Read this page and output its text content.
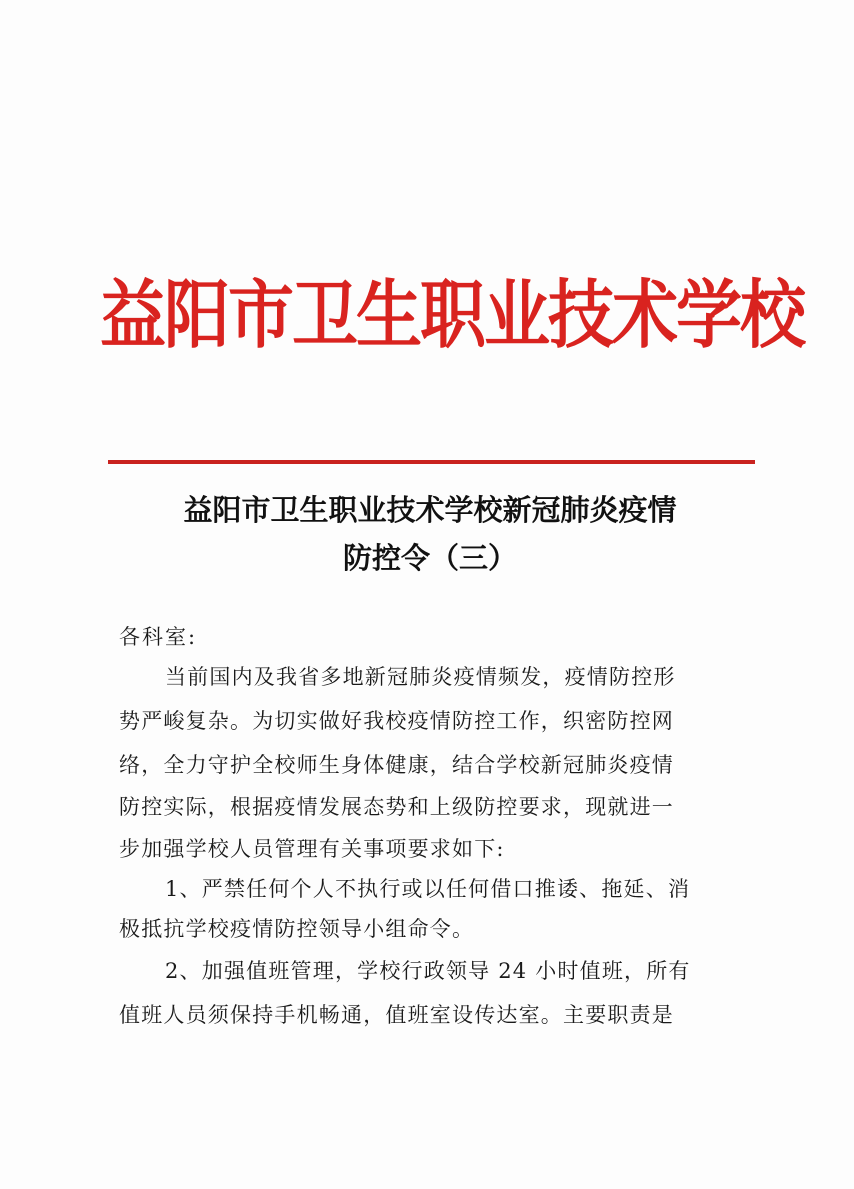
益阳市卫生职业技术学校
益阳市卫生职业技术学校新冠肺炎疫情
防控令（三）
各科室:
当前国内及我省多地新冠肺炎疫情频发，疫情防控形
势严峻复杂。为切实做好我校疫情防控工作，织密防控网
络，全力守护全校师生身体健康，结合学校新冠肺炎疫情
防控实际，根据疫情发展态势和上级防控要求，现就进一
步加强学校人员管理有关事项要求如下:
1、严禁任何个人不执行或以任何借口推诿、拖延、消
极抵抗学校疫情防控领导小组命令。
2、加强值班管理，学校行政领导 24 小时值班，所有
值班人员须保持手机畅通，值班室设传达室。主要职责是
